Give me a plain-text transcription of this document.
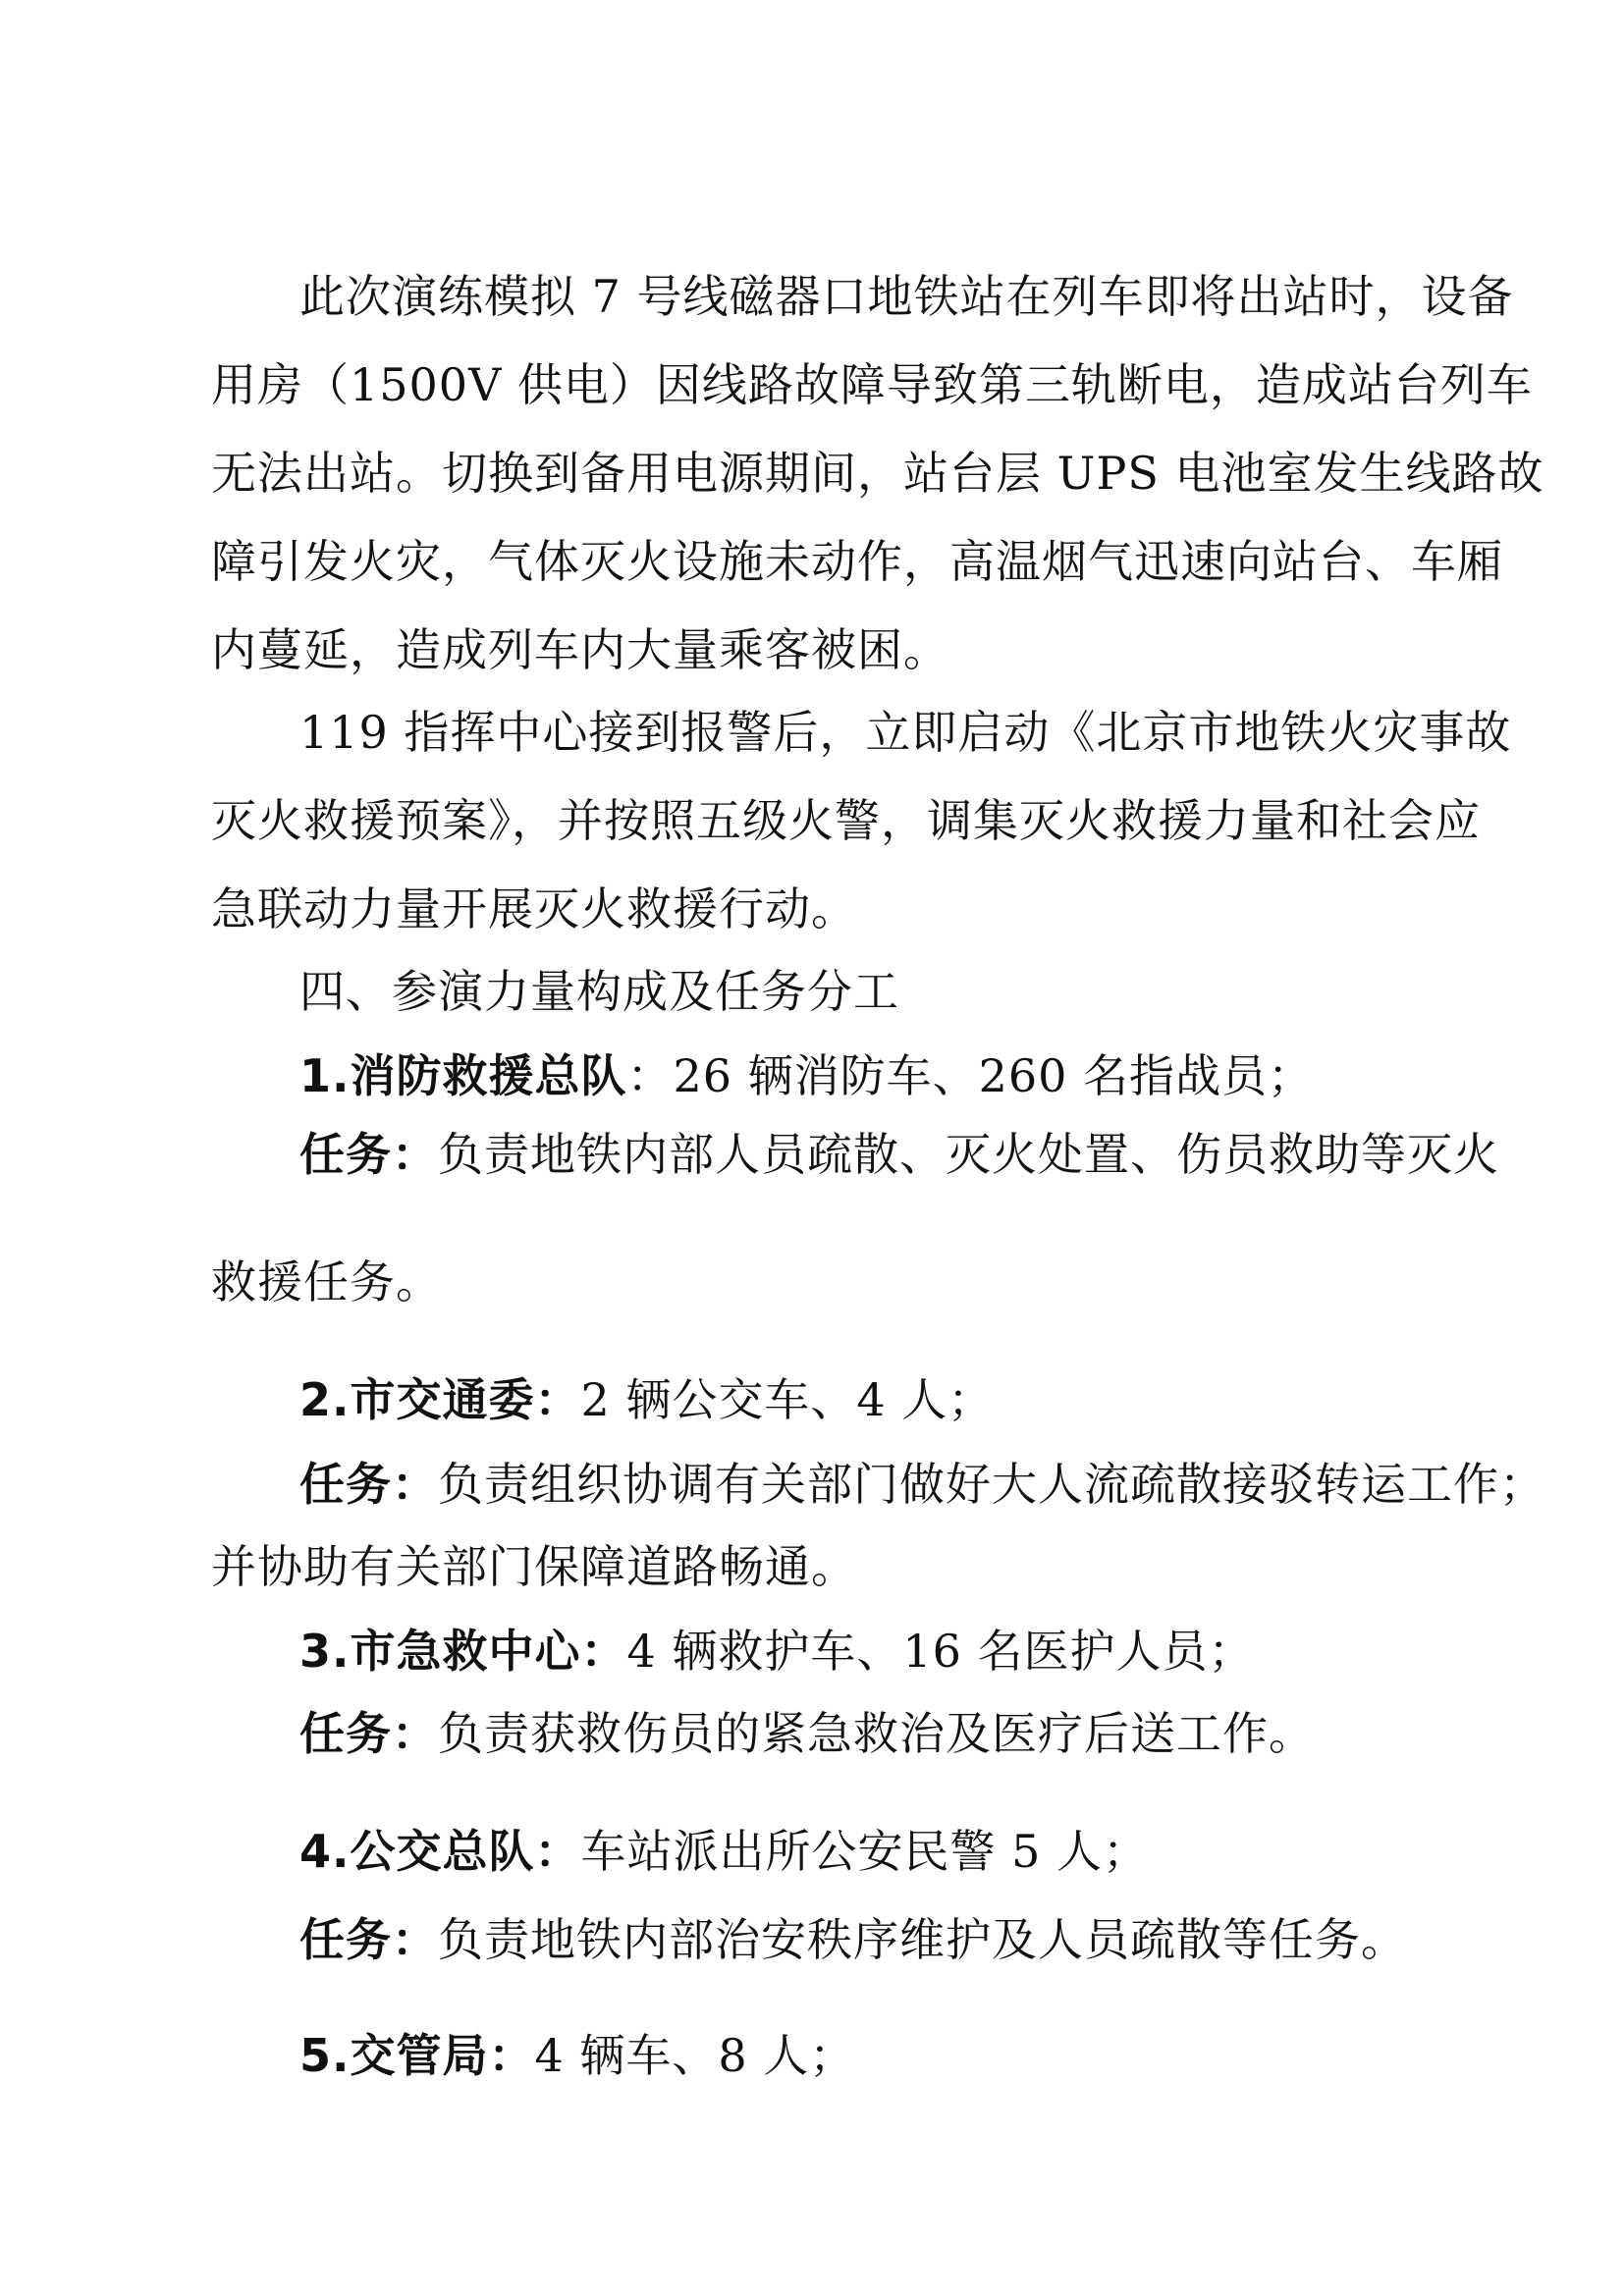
此次演练模拟 7 号线磁器口地铁站在列车即将出站时，设备
用房（1500V 供电）因线路故障导致第三轨断电，造成站台列车
无法出站。切换到备用电源期间，站台层 UPS 电池室发生线路故
障引发火灾，气体灭火设施未动作，高温烟气迅速向站台、车厢
内蔓延，造成列车内大量乘客被困。
119 指挥中心接到报警后，立即启动《北京市地铁火灾事故
灭火救援预案》，并按照五级火警，调集灭火救援力量和社会应
急联动力量开展灭火救援行动。
四、参演力量构成及任务分工
1.消防救援总队：26 辆消防车、260 名指战员；
任务：负责地铁内部人员疏散、灭火处置、伤员救助等灭火
救援任务。
2.市交通委：2 辆公交车、4 人；
任务：负责组织协调有关部门做好大人流疏散接驳转运工作；
并协助有关部门保障道路畅通。
3.市急救中心：4 辆救护车、16 名医护人员；
任务：负责获救伤员的紧急救治及医疗后送工作。
4.公交总队：车站派出所公安民警 5 人；
任务：负责地铁内部治安秩序维护及人员疏散等任务。
5.交管局：4 辆车、8 人；
